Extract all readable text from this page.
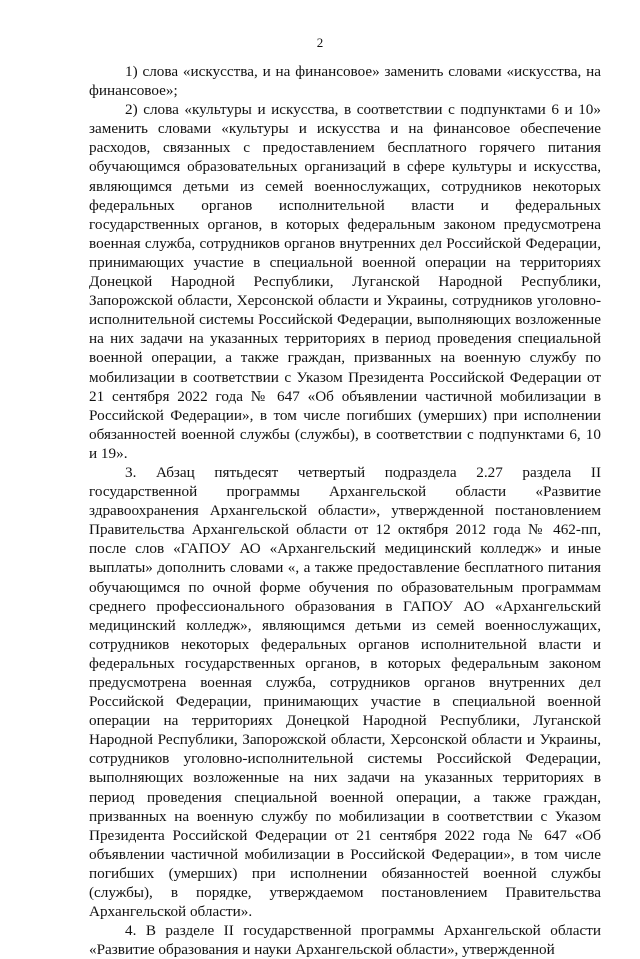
2

1) слова «искусства, и на финансовое» заменить словами «искусства, на финансовое»;

2) слова «культуры и искусства, в соответствии с подпунктами 6 и 10» заменить словами «культуры и искусства и на финансовое обеспечение расходов, связанных с предоставлением бесплатного горячего питания обучающимся образовательных организаций в сфере культуры и искусства, являющимся детьми из семей военнослужащих, сотрудников некоторых федеральных органов исполнительной власти и федеральных государственных органов, в которых федеральным законом предусмотрена военная служба, сотрудников органов внутренних дел Российской Федерации, принимающих участие в специальной военной операции на территориях Донецкой Народной Республики, Луганской Народной Республики, Запорожской области, Херсонской области и Украины, сотрудников уголовно-исполнительной системы Российской Федерации, выполняющих возложенные на них задачи на указанных территориях в период проведения специальной военной операции, а также граждан, призванных на военную службу по мобилизации в соответствии с Указом Президента Российской Федерации от 21 сентября 2022 года № 647 «Об объявлении частичной мобилизации в Российской Федерации», в том числе погибших (умерших) при исполнении обязанностей военной службы (службы), в соответствии с подпунктами 6, 10 и 19».

3. Абзац пятьдесят четвертый подраздела 2.27 раздела II государственной программы Архангельской области «Развитие здравоохранения Архангельской области», утвержденной постановлением Правительства Архангельской области от 12 октября 2012 года № 462-пп, после слов «ГАПОУ АО «Архангельский медицинский колледж» и иные выплаты» дополнить словами «, а также предоставление бесплатного питания обучающимся по очной форме обучения по образовательным программам среднего профессионального образования в ГАПОУ АО «Архангельский медицинский колледж», являющимся детьми из семей военнослужащих, сотрудников некоторых федеральных органов исполнительной власти и федеральных государственных органов, в которых федеральным законом предусмотрена военная служба, сотрудников органов внутренних дел Российской Федерации, принимающих участие в специальной военной операции на территориях Донецкой Народной Республики, Луганской Народной Республики, Запорожской области, Херсонской области и Украины, сотрудников уголовно-исполнительной системы Российской Федерации, выполняющих возложенные на них задачи на указанных территориях в период проведения специальной военной операции, а также граждан, призванных на военную службу по мобилизации в соответствии с Указом Президента Российской Федерации от 21 сентября 2022 года № 647 «Об объявлении частичной мобилизации в Российской Федерации», в том числе погибших (умерших) при исполнении обязанностей военной службы (службы), в порядке, утверждаемом постановлением Правительства Архангельской области».

4. В разделе II государственной программы Архангельской области «Развитие образования и науки Архангельской области», утвержденной
